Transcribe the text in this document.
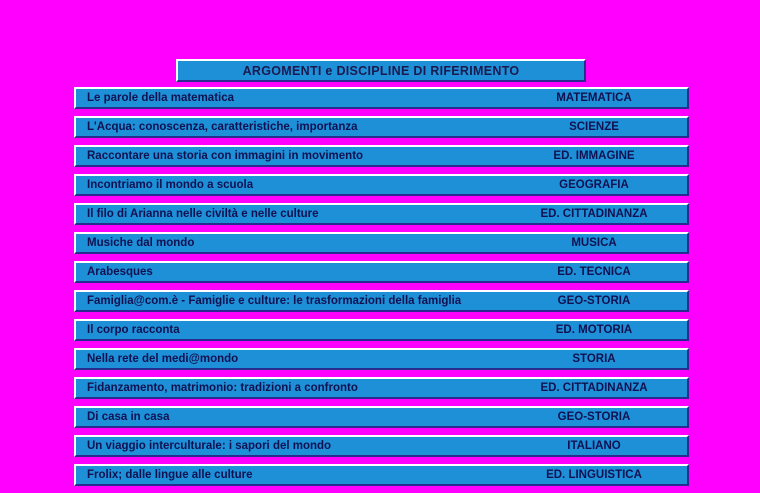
ARGOMENTI e DISCIPLINE DI RIFERIMENTO
Le parole della matematica	MATEMATICA
L'Acqua: conoscenza, caratteristiche, importanza	SCIENZE
Raccontare una storia con immagini in movimento	ED. IMMAGINE
Incontriamo il mondo a scuola	GEOGRAFIA
Il filo di Arianna nelle civiltà e nelle culture	ED. CITTADINANZA
Musiche dal mondo	MUSICA
Arabesques	ED. TECNICA
Famiglia@com.è - Famiglie e culture: le trasformazioni della famiglia	GEO-STORIA
Il corpo racconta	ED. MOTORIA
Nella rete del medi@mondo	STORIA
Fidanzamento, matrimonio: tradizioni a confronto	ED. CITTADINANZA
Di casa in casa	GEO-STORIA
Un viaggio interculturale: i sapori del mondo	ITALIANO
Frolix; dalle lingue alle culture	ED. LINGUISTICA
